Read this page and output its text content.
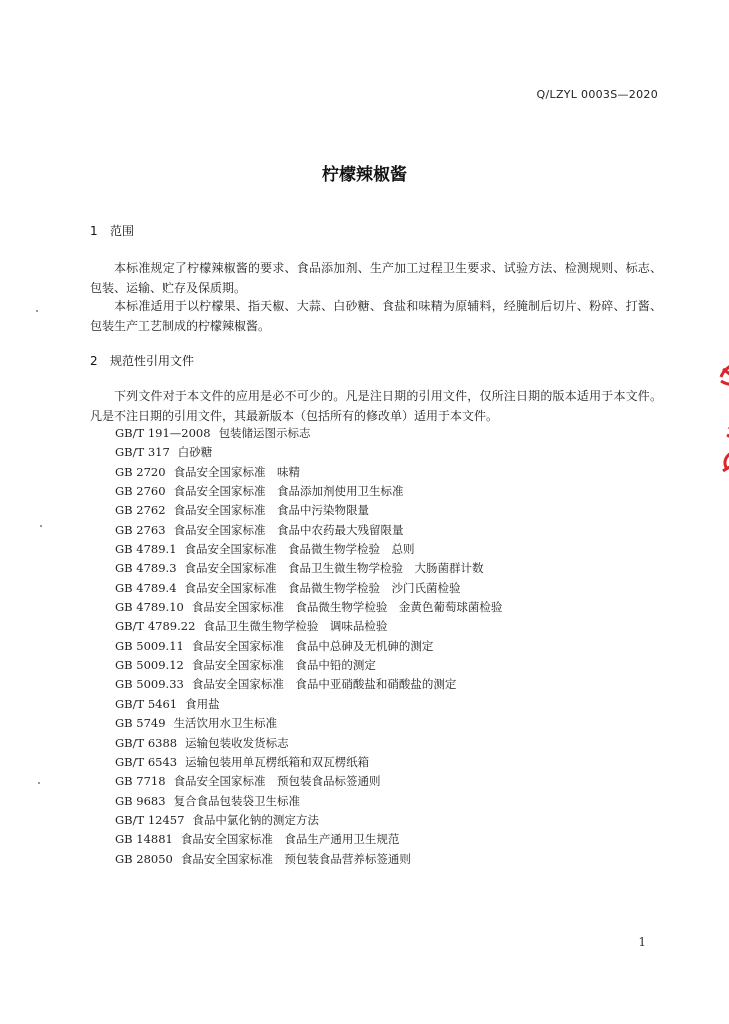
Q/LZYL 0003S—2020
柠檬辣椒酱
1 范围
本标准规定了柠檬辣椒酱的要求、食品添加剂、生产加工过程卫生要求、试验方法、检测规则、标志、包装、运输、贮存及保质期。
本标准适用于以柠檬果、指天椒、大蒜、白砂糖、食盐和味精为原辅料，经腌制后切片、粉碎、打酱、包装生产工艺制成的柠檬辣椒酱。
2 规范性引用文件
下列文件对于本文件的应用是必不可少的。凡是注日期的引用文件，仅所注日期的版本适用于本文件。凡是不注日期的引用文件，其最新版本（包括所有的修改单）适用于本文件。
GB/T 191—2008 包装储运图示标志
GB/T 317 白砂糖
GB 2720 食品安全国家标准　味精
GB 2760 食品安全国家标准　食品添加剂使用卫生标准
GB 2762 食品安全国家标准　食品中污染物限量
GB 2763 食品安全国家标准　食品中农药最大残留限量
GB 4789.1 食品安全国家标准　食品微生物学检验　总则
GB 4789.3 食品安全国家标准　食品卫生微生物学检验　大肠菌群计数
GB 4789.4 食品安全国家标准　食品微生物学检验　沙门氏菌检验
GB 4789.10 食品安全国家标准　食品微生物学检验　金黄色葡萄球菌检验
GB/T 4789.22 食品卫生微生物学检验　调味品检验
GB 5009.11 食品安全国家标准　食品中总砷及无机砷的测定
GB 5009.12 食品安全国家标准　食品中铅的测定
GB 5009.33 食品安全国家标准　食品中亚硝酸盐和硝酸盐的测定
GB/T 5461 食用盐
GB 5749 生活饮用水卫生标准
GB/T 6388 运输包装收发货标志
GB/T 6543 运输包装用单瓦楞纸箱和双瓦楞纸箱
GB 7718 食品安全国家标准　预包装食品标签通则
GB 9683 复合食品包装袋卫生标准
GB/T 12457 食品中氯化钠的测定方法
GB 14881 食品安全国家标准　食品生产通用卫生规范
GB 28050 食品安全国家标准　预包装食品营养标签通则
1
